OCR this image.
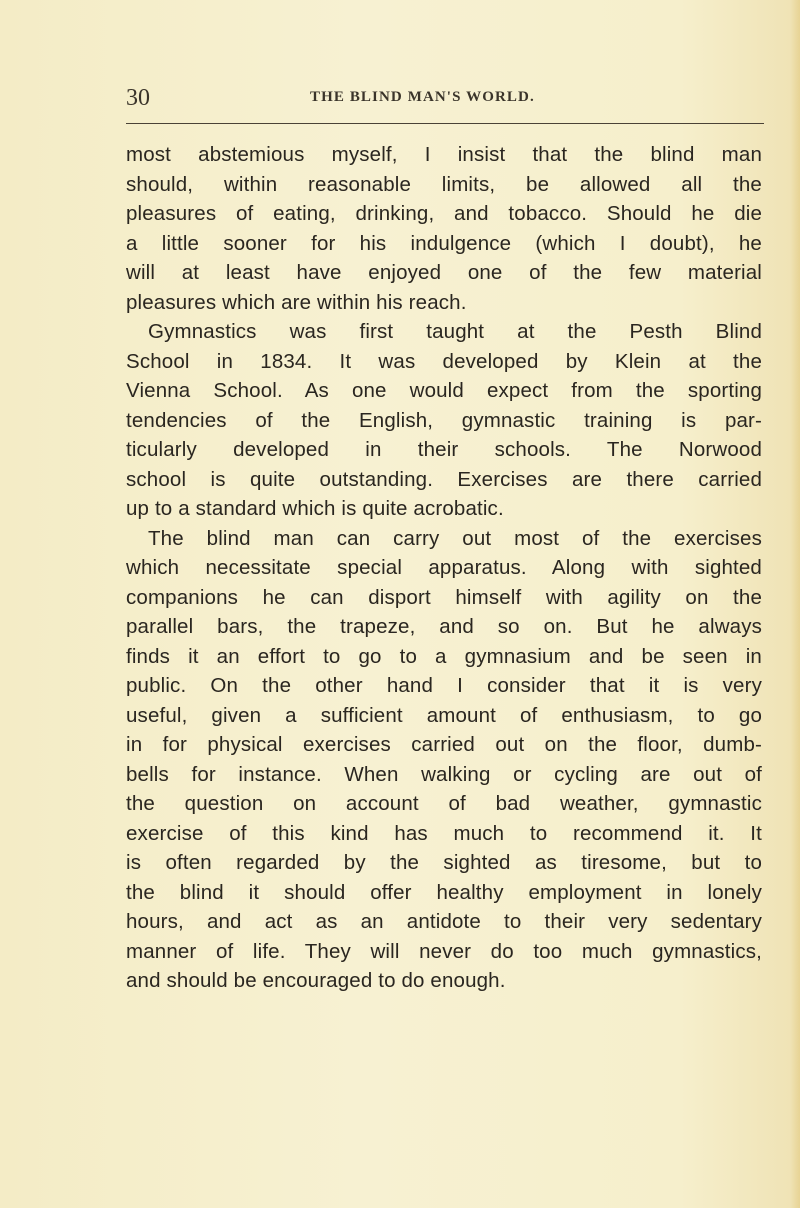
30	THE BLIND MAN'S WORLD.
most abstemious myself, I insist that the blind man
should, within reasonable limits, be allowed all the
pleasures of eating, drinking, and tobacco. Should he die
a little sooner for his indulgence (which I doubt), he
will at least have enjoyed one of the few material
pleasures which are within his reach.
Gymnastics was first taught at the Pesth Blind
School in 1834. It was developed by Klein at the
Vienna School. As one would expect from the sporting
tendencies of the English, gymnastic training is par-
ticularly developed in their schools. The Norwood
school is quite outstanding. Exercises are there carried
up to a standard which is quite acrobatic.
The blind man can carry out most of the exercises
which necessitate special apparatus. Along with sighted
companions he can disport himself with agility on the
parallel bars, the trapeze, and so on. But he always
finds it an effort to go to a gymnasium and be seen in
public. On the other hand I consider that it is very
useful, given a sufficient amount of enthusiasm, to go
in for physical exercises carried out on the floor, dumb-
bells for instance. When walking or cycling are out of
the question on account of bad weather, gymnastic
exercise of this kind has much to recommend it. It
is often regarded by the sighted as tiresome, but to
the blind it should offer healthy employment in lonely
hours, and act as an antidote to their very sedentary
manner of life. They will never do too much gymnastics,
and should be encouraged to do enough.
